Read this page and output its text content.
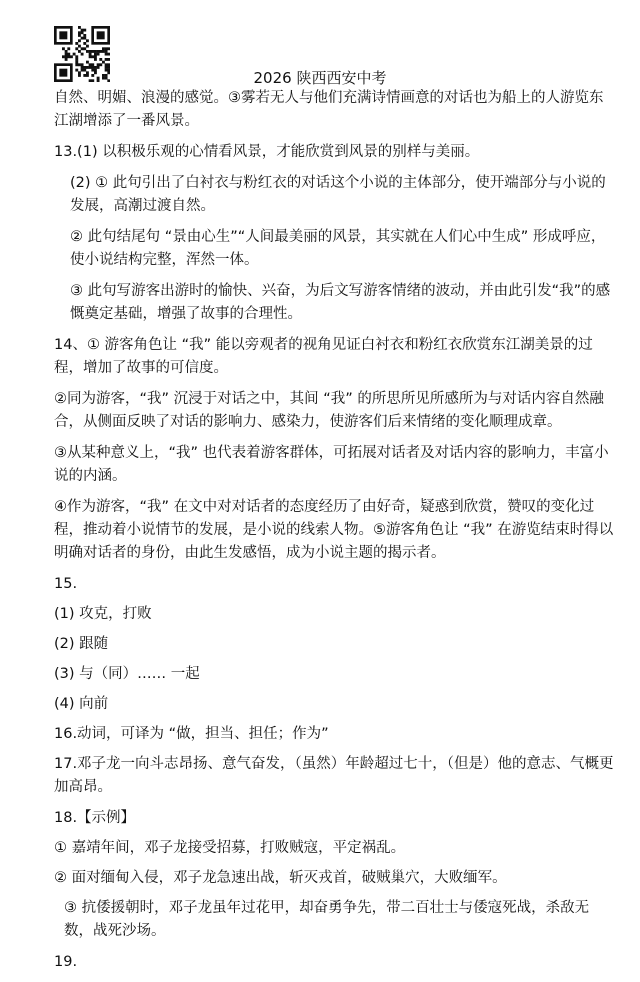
2026 陕西西安中考

自然、明媚、浪漫的感觉。③雾若无人与他们充满诗情画意的对话也为船上的人游览东江湖增添了一番风景。

13.(1) 以积极乐观的心情看风景，才能欣赏到风景的别样与美丽。

(2) ① 此句引出了白衬衣与粉红衣的对话这个小说的主体部分，使开端部分与小说的发展，高潮过渡自然。

② 此句结尾句 “景由心生”“人间最美丽的风景，其实就在人们心中生成” 形成呼应，使小说结构完整，浑然一体。

③ 此句写游客出游时的愉快、兴奋，为后文写游客情绪的波动，并由此引发“我”的感慨奠定基础，增强了故事的合理性。

14、① 游客角色让 “我” 能以旁观者的视角见证白衬衣和粉红衣欣赏东江湖美景的过程，增加了故事的可信度。

②同为游客，“我” 沉浸于对话之中，其间 “我” 的所思所见所感所为与对话内容自然融合，从侧面反映了对话的影响力、感染力，使游客们后来情绪的变化顺理成章。

③从某种意义上，“我” 也代表着游客群体，可拓展对话者及对话内容的影响力，丰富小说的内涵。

④作为游客，“我” 在文中对对话者的态度经历了由好奇，疑惑到欣赏，赞叹的变化过程，推动着小说情节的发展，是小说的线索人物。⑤游客角色让 “我” 在游览结束时得以明确对话者的身份，由此生发感悟，成为小说主题的揭示者。

15.

(1) 攻克，打败

(2) 跟随

(3) 与（同）…… 一起

(4) 向前

16.动词，可译为 “做，担当、担任；作为”

17.邓子龙一向斗志昂扬、意气奋发，（虽然）年龄超过七十，（但是）他的意志、气概更加高昂。

18.【示例】

① 嘉靖年间，邓子龙接受招募，打败贼寇，平定祸乱。

② 面对缅甸入侵，邓子龙急速出战，斩灭戎首，破贼巢穴，大败缅军。

③ 抗倭援朝时，邓子龙虽年过花甲，却奋勇争先，带二百壮士与倭寇死战，杀敌无数，战死沙场。

19.
